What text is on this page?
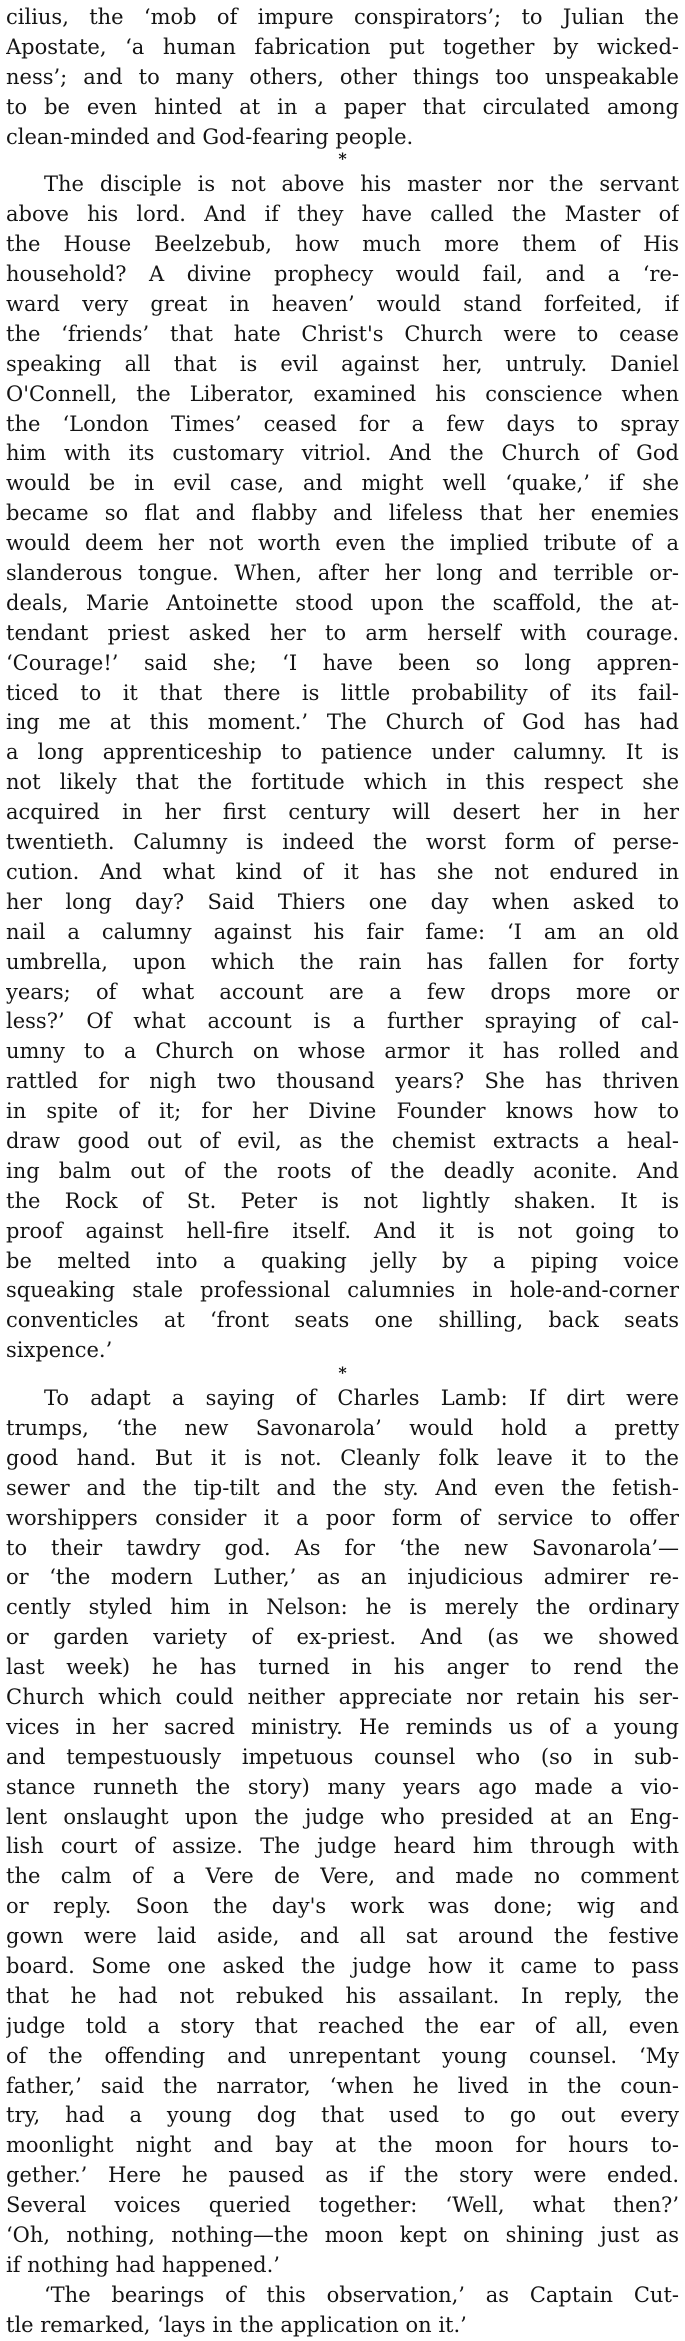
cilius, the ‘mob of impure conspirators’; to Julian the
Apostate, ‘a human fabrication put together by wicked-
ness’; and to many others, other things too unspeakable
to be even hinted at in a paper that circulated among
clean-minded and God-fearing people.
*
The disciple is not above his master nor the servant
above his lord. And if they have called the Master of
the House Beelzebub, how much more them of His
household? A divine prophecy would fail, and a ‘re-
ward very great in heaven’ would stand forfeited, if
the ‘friends’ that hate Christ's Church were to cease
speaking all that is evil against her, untruly. Daniel
O'Connell, the Liberator, examined his conscience when
the ‘London Times’ ceased for a few days to spray
him with its customary vitriol. And the Church of God
would be in evil case, and might well ‘quake,’ if she
became so flat and flabby and lifeless that her enemies
would deem her not worth even the implied tribute of a
slanderous tongue. When, after her long and terrible or-
deals, Marie Antoinette stood upon the scaffold, the at-
tendant priest asked her to arm herself with courage.
‘Courage!’ said she; ‘I have been so long appren-
ticed to it that there is little probability of its fail-
ing me at this moment.’ The Church of God has had
a long apprenticeship to patience under calumny. It is
not likely that the fortitude which in this respect she
acquired in her first century will desert her in her
twentieth. Calumny is indeed the worst form of perse-
cution. And what kind of it has she not endured in
her long day? Said Thiers one day when asked to
nail a calumny against his fair fame: ‘I am an old
umbrella, upon which the rain has fallen for forty
years; of what account are a few drops more or
less?’ Of what account is a further spraying of cal-
umny to a Church on whose armor it has rolled and
rattled for nigh two thousand years? She has thriven
in spite of it; for her Divine Founder knows how to
draw good out of evil, as the chemist extracts a heal-
ing balm out of the roots of the deadly aconite. And
the Rock of St. Peter is not lightly shaken. It is
proof against hell-fire itself. And it is not going to
be melted into a quaking jelly by a piping voice
squeaking stale professional calumnies in hole-and-corner
conventicles at ‘front seats one shilling, back seats
sixpence.’
*
To adapt a saying of Charles Lamb: If dirt were
trumps, ‘the new Savonarola’ would hold a pretty
good hand. But it is not. Cleanly folk leave it to the
sewer and the tip-tilt and the sty. And even the fetish-
worshippers consider it a poor form of service to offer
to their tawdry god. As for ‘the new Savonarola’—
or ‘the modern Luther,’ as an injudicious admirer re-
cently styled him in Nelson: he is merely the ordinary
or garden variety of ex-priest. And (as we showed
last week) he has turned in his anger to rend the
Church which could neither appreciate nor retain his ser-
vices in her sacred ministry. He reminds us of a young
and tempestuously impetuous counsel who (so in sub-
stance runneth the story) many years ago made a vio-
lent onslaught upon the judge who presided at an Eng-
lish court of assize. The judge heard him through with
the calm of a Vere de Vere, and made no comment
or reply. Soon the day's work was done; wig and
gown were laid aside, and all sat around the festive
board. Some one asked the judge how it came to pass
that he had not rebuked his assailant. In reply, the
judge told a story that reached the ear of all, even
of the offending and unrepentant young counsel. ‘My
father,’ said the narrator, ‘when he lived in the coun-
try, had a young dog that used to go out every
moonlight night and bay at the moon for hours to-
gether.’ Here he paused as if the story were ended.
Several voices queried together: ‘Well, what then?’
‘Oh, nothing, nothing—the moon kept on shining just as
if nothing had happened.’
‘The bearings of this observation,’ as Captain Cut-
tle remarked, ‘lays in the application on it.’
